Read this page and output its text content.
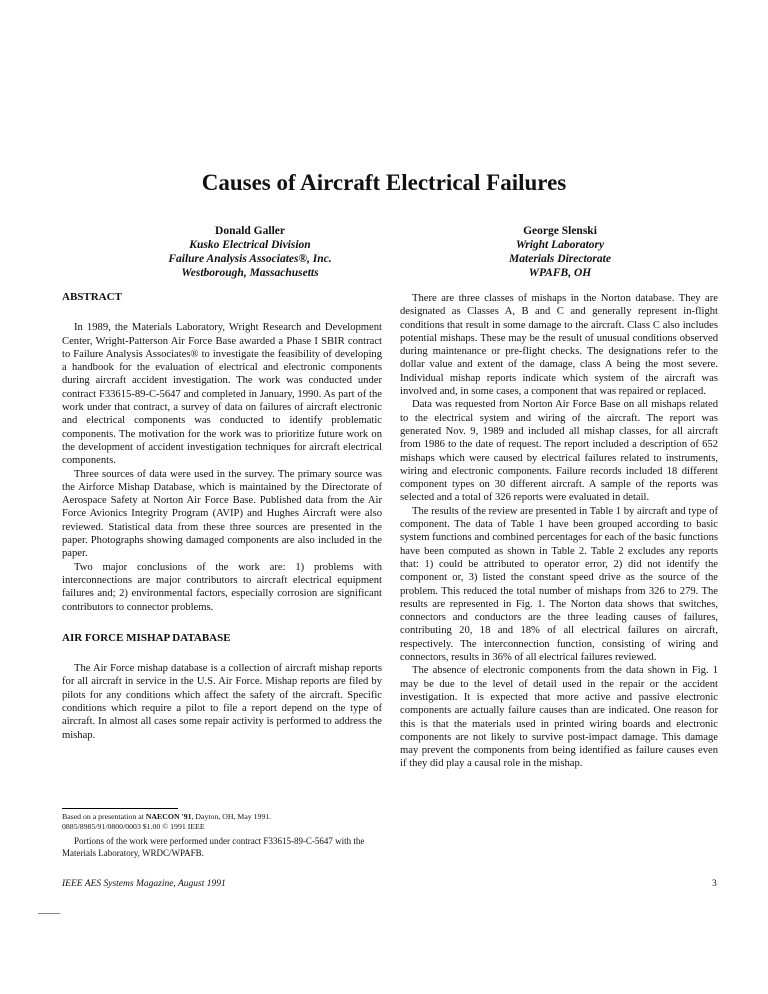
Causes of Aircraft Electrical Failures
Donald Galler
Kusko Electrical Division
Failure Analysis Associates®, Inc.
Westborough, Massachusetts
George Slenski
Wright Laboratory
Materials Directorate
WPAFB, OH
ABSTRACT

In 1989, the Materials Laboratory, Wright Research and Development Center, Wright-Patterson Air Force Base awarded a Phase I SBIR contract to Failure Analysis Associates® to investigate the feasibility of developing a handbook for the evaluation of electrical and electronic components during aircraft accident investigation. The work was conducted under contract F33615-89-C-5647 and completed in January, 1990. As part of the work under that contract, a survey of data on failures of aircraft electronic and electrical components was conducted to identify problematic components. The motivation for the work was to prioritize future work on the development of accident investigation techniques for aircraft electrical components.

Three sources of data were used in the survey. The primary source was the Airforce Mishap Database, which is maintained by the Directorate of Aerospace Safety at Norton Air Force Base. Published data from the Air Force Avionics Integrity Program (AVIP) and Hughes Aircraft were also reviewed. Statistical data from these three sources are presented in the paper. Photographs showing damaged components are also included in the paper.

Two major conclusions of the work are: 1) problems with interconnections are major contributors to aircraft electrical equipment failures and; 2) environmental factors, especially corrosion are significant contributors to connector problems.

AIR FORCE MISHAP DATABASE

The Air Force mishap database is a collection of aircraft mishap reports for all aircraft in service in the U.S. Air Force. Mishap reports are filed by pilots for any conditions which affect the safety of the aircraft. Specific conditions which require a pilot to file a report depend on the type of aircraft. In almost all cases some repair activity is performed to address the mishap.

There are three classes of mishaps in the Norton database. They are designated as Classes A, B and C and generally represent in-flight conditions that result in some damage to the aircraft. Class C also includes potential mishaps. These may be the result of unusual conditions observed during maintenance or pre-flight checks. The designations refer to the dollar value and extent of the damage, class A being the most severe. Individual mishap reports indicate which system of the aircraft was involved and, in some cases, a component that was repaired or replaced.

Data was requested from Norton Air Force Base on all mishaps related to the electrical system and wiring of the aircraft. The report was generated Nov. 9, 1989 and included all mishap classes, for all aircraft from 1986 to the date of request. The report included a description of 652 mishaps which were caused by electrical failures related to instruments, wiring and electronic components. Failure records included 18 different component types on 30 different aircraft. A sample of the reports was selected and a total of 326 reports were evaluated in detail.

The results of the review are presented in Table 1 by aircraft and type of component. The data of Table 1 have been grouped according to basic system functions and combined percentages for each of the basic functions have been computed as shown in Table 2. Table 2 excludes any reports that: 1) could be attributed to operator error, 2) did not identify the component or, 3) listed the constant speed drive as the source of the problem. This reduced the total number of mishaps from 326 to 279. The results are represented in Fig. 1. The Norton data shows that switches, connectors and conductors are the three leading causes of failures, contributing 20, 18 and 18% of all electrical failures on aircraft, respectively. The interconnection function, consisting of wiring and connectors, results in 36% of all electrical failures reviewed.

The absence of electronic components from the data shown in Fig. 1 may be due to the level of detail used in the repair or the accident investigation. It is expected that more active and passive electronic components are actually failure causes than are indicated. One reason for this is that the materials used in printed wiring boards and electronic components are not likely to survive post-impact damage. This damage may prevent the components from being identified as failure causes even if they did play a causal role in the mishap.

Based on a presentation at NAECON '91, Dayton, OH, May 1991.

0885/8985/91/0800/0003 $1.00 © 1991 IEEE

Portions of the work were performed under contract F33615-89-C-5647 with the Materials Laboratory, WRDC/WPAFB.

IEEE AES Systems Magazine, August 1991	3
